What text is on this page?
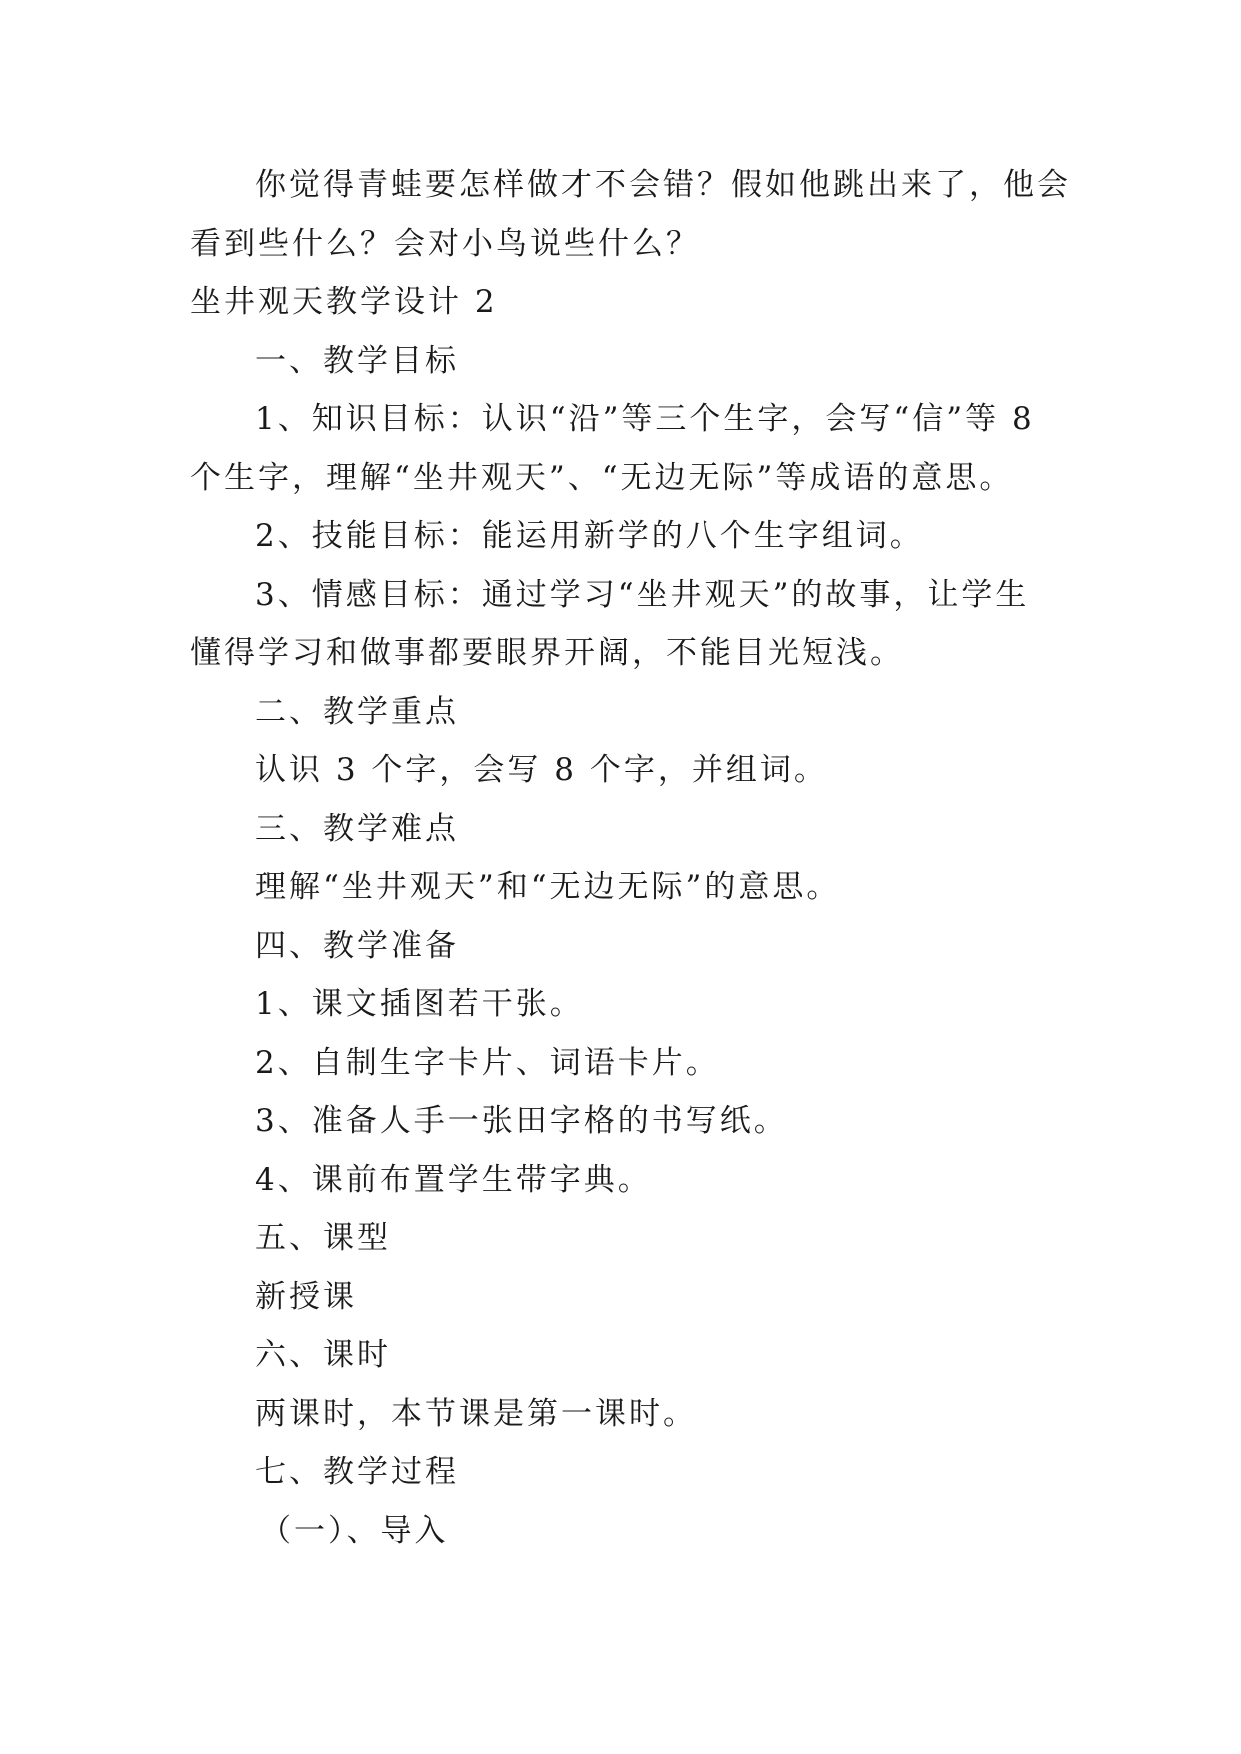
你觉得青蛙要怎样做才不会错？假如他跳出来了，他会
看到些什么？会对小鸟说些什么？
坐井观天教学设计 2
一、教学目标
1、知识目标：认识“沿”等三个生字，会写“信”等 8
个生字，理解“坐井观天”、“无边无际”等成语的意思。
2、技能目标：能运用新学的八个生字组词。
3、情感目标：通过学习“坐井观天”的故事，让学生
懂得学习和做事都要眼界开阔，不能目光短浅。
二、教学重点
认识 3 个字，会写 8 个字，并组词。
三、教学难点
理解“坐井观天”和“无边无际”的意思。
四、教学准备
1、课文插图若干张。
2、自制生字卡片、词语卡片。
3、准备人手一张田字格的书写纸。
4、课前布置学生带字典。
五、课型
新授课
六、课时
两课时，本节课是第一课时。
七、教学过程
（一）、导入
